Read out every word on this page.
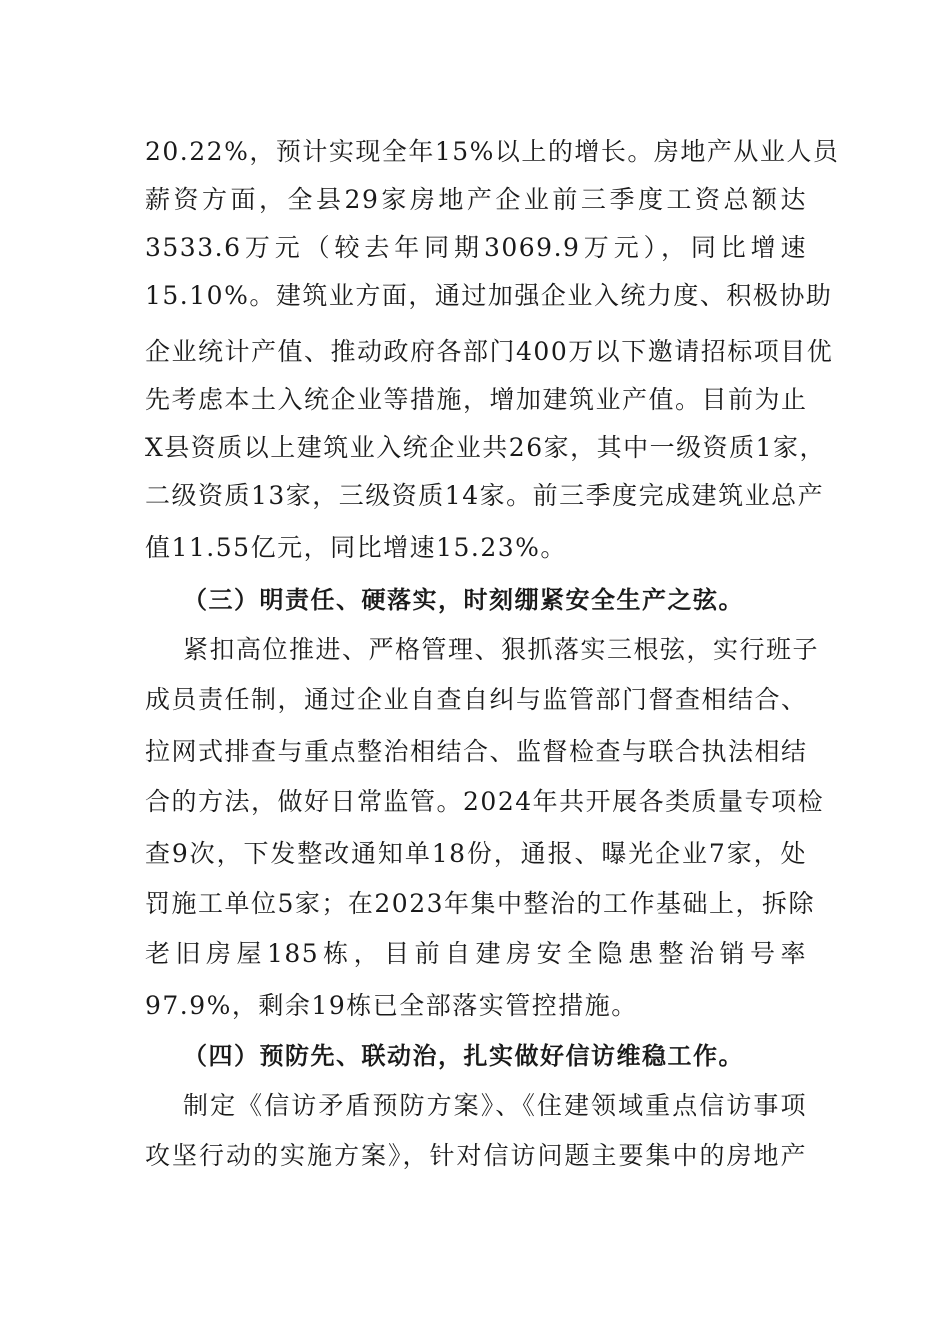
20.22%，预计实现全年15%以上的增长。房地产从业人员
薪资方面，全县29家房地产企业前三季度工资总额达
3533.6万元（较去年同期3069.9万元），同比增速
15.10%。建筑业方面，通过加强企业入统力度、积极协助
企业统计产值、推动政府各部门400万以下邀请招标项目优
先考虑本土入统企业等措施，增加建筑业产值。目前为止
X县资质以上建筑业入统企业共26家，其中一级资质1家，
二级资质13家，三级资质14家。前三季度完成建筑业总产
值11.55亿元，同比增速15.23%。
（三）明责任、硬落实，时刻绷紧安全生产之弦。
紧扣高位推进、严格管理、狠抓落实三根弦，实行班子
成员责任制，通过企业自查自纠与监管部门督查相结合、
拉网式排查与重点整治相结合、监督检查与联合执法相结
合的方法，做好日常监管。2024年共开展各类质量专项检
查9次，下发整改通知单18份，通报、曝光企业7家，处
罚施工单位5家；在2023年集中整治的工作基础上，拆除
老旧房屋185栋，目前自建房安全隐患整治销号率
97.9%，剩余19栋已全部落实管控措施。
（四）预防先、联动治，扎实做好信访维稳工作。
制定《信访矛盾预防方案》、《住建领域重点信访事项
攻坚行动的实施方案》，针对信访问题主要集中的房地产
